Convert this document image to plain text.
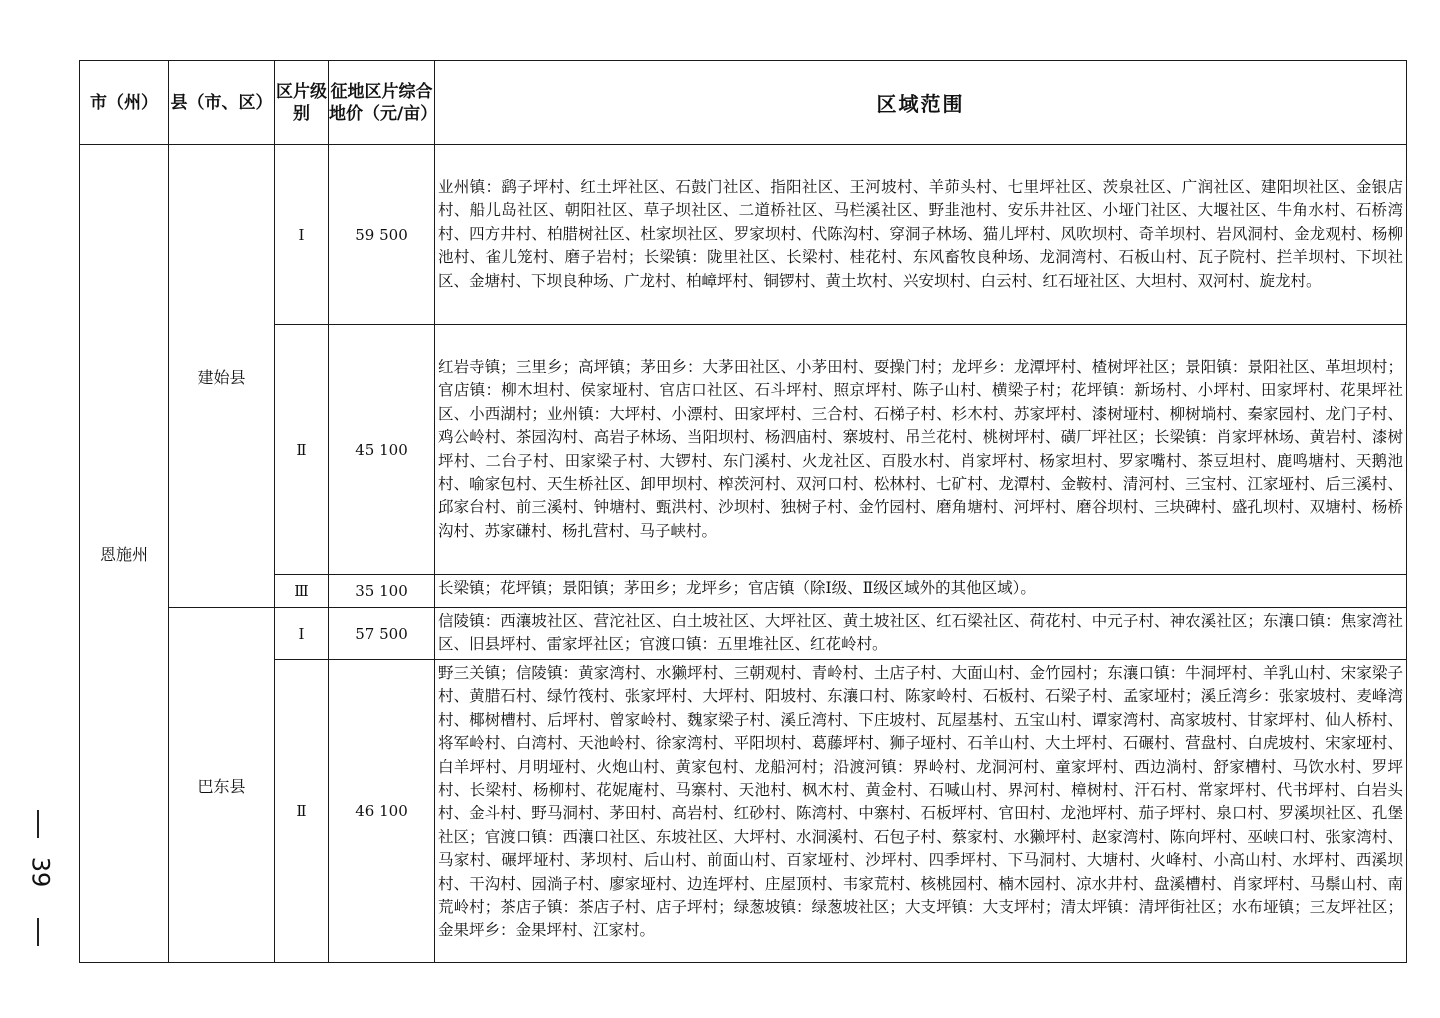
市（州）	县（市、区）	区片级别	征地区片综合地价（元/亩）	区域范围
恩施州	建始县	Ⅰ	59 500	业州镇：鹞子坪村、红土坪社区、石鼓门社区、指阳社区、王河坡村、羊茆头村、七里坪社区、茨泉社区、广润社区、建阳坝社区、金银店村、船儿岛社区、朝阳社区、草子坝社区、二道桥社区、马栏溪社区、野韭池村、安乐井社区、小垭门社区、大堰社区、牛角水村、石桥湾村、四方井村、柏腊树社区、杜家坝社区、罗家坝村、代陈沟村、穿洞子林场、猫儿坪村、风吹坝村、奇羊坝村、岩风洞村、金龙观村、杨柳池村、雀儿笼村、磨子岩村；长梁镇：陇里社区、长梁村、桂花村、东风畜牧良种场、龙洞湾村、石板山村、瓦子院村、拦羊坝村、下坝社区、金塘村、下坝良种场、广龙村、柏嶂坪村、铜锣村、黄土坎村、兴安坝村、白云村、红石垭社区、大坦村、双河村、旋龙村。
		Ⅱ	45 100	红岩寺镇；三里乡；高坪镇；茅田乡：大茅田社区、小茅田村、耍操门村；龙坪乡：龙潭坪村、楂树坪社区；景阳镇：景阳社区、革坦坝村；官店镇：柳木坦村、侯家垭村、官店口社区、石斗坪村、照京坪村、陈子山村、横梁子村；花坪镇：新场村、小坪村、田家坪村、花果坪社区、小西湖村；业州镇：大坪村、小漂村、田家坪村、三合村、石梯子村、杉木村、苏家坪村、漆树垭村、柳树埫村、秦家园村、龙门子村、鸡公岭村、茶园沟村、高岩子林场、当阳坝村、杨泗庙村、寨坡村、吊兰花村、桃树坪村、磺厂坪社区；长梁镇：肖家坪林场、黄岩村、漆树坪村、二台子村、田家梁子村、大锣村、东门溪村、火龙社区、百股水村、肖家坪村、杨家坦村、罗家嘴村、茶豆坦村、鹿鸣塘村、天鹅池村、喻家包村、天生桥社区、卸甲坝村、榨茨河村、双河口村、松林村、七矿村、龙潭村、金鞍村、清河村、三宝村、江家垭村、后三溪村、邱家台村、前三溪村、钟塘村、甄洪村、沙坝村、独树子村、金竹园村、磨角塘村、河坪村、磨谷坝村、三块碑村、盛孔坝村、双塘村、杨桥沟村、苏家磏村、杨扎营村、马子峡村。
		Ⅲ	35 100	长梁镇；花坪镇；景阳镇；茅田乡；龙坪乡；官店镇（除Ⅰ级、Ⅱ级区域外的其他区域）。
	巴东县	Ⅰ	57 500	信陵镇：西瀼坡社区、营沱社区、白土坡社区、大坪社区、黄土坡社区、红石梁社区、荷花村、中元子村、神农溪社区；东瀼口镇：焦家湾社区、旧县坪村、雷家坪社区；官渡口镇：五里堆社区、红花岭村。
		Ⅱ	46 100	野三关镇；信陵镇：黄家湾村、水獭坪村、三朝观村、青岭村、土店子村、大面山村、金竹园村；东瀼口镇：牛洞坪村、羊乳山村、宋家梁子村、黄腊石村、绿竹筏村、张家坪村、大坪村、阳坡村、东瀼口村、陈家岭村、石板村、石梁子村、孟家垭村；溪丘湾乡：张家坡村、麦峰湾村、椰树槽村、后坪村、曾家岭村、魏家梁子村、溪丘湾村、下庄坡村、瓦屋基村、五宝山村、谭家湾村、高家坡村、甘家坪村、仙人桥村、将军岭村、白湾村、天池岭村、徐家湾村、平阳坝村、葛藤坪村、狮子垭村、石羊山村、大土坪村、石碾村、营盘村、白虎坡村、宋家垭村、白羊坪村、月明垭村、火炮山村、黄家包村、龙船河村；沿渡河镇：界岭村、龙洞河村、童家坪村、西边淌村、舒家槽村、马饮水村、罗坪村、长梁村、杨柳村、花妮庵村、马寨村、天池村、枫木村、黄金村、石喊山村、界河村、樟树村、汗石村、常家坪村、代书坪村、白岩头村、金斗村、野马洞村、茅田村、高岩村、红砂村、陈湾村、中寨村、石板坪村、官田村、龙池坪村、茄子坪村、泉口村、罗溪坝社区、孔堡社区；官渡口镇：西瀼口社区、东坡社区、大坪村、水洞溪村、石包子村、蔡家村、水獭坪村、赵家湾村、陈向坪村、巫峡口村、张家湾村、马家村、碾坪垭村、茅坝村、后山村、前面山村、百家垭村、沙坪村、四季坪村、下马洞村、大塘村、火峰村、小高山村、水坪村、西溪坝村、干沟村、园淌子村、廖家垭村、边连坪村、庄屋顶村、韦家荒村、核桃园村、楠木园村、凉水井村、盘溪槽村、肖家坪村、马鬃山村、南荒岭村；茶店子镇：茶店子村、店子坪村；绿葱坡镇：绿葱坡社区；大支坪镇：大支坪村；清太坪镇：清坪街社区；水布垭镇；三友坪社区；金果坪乡：金果坪村、江家村。
39
